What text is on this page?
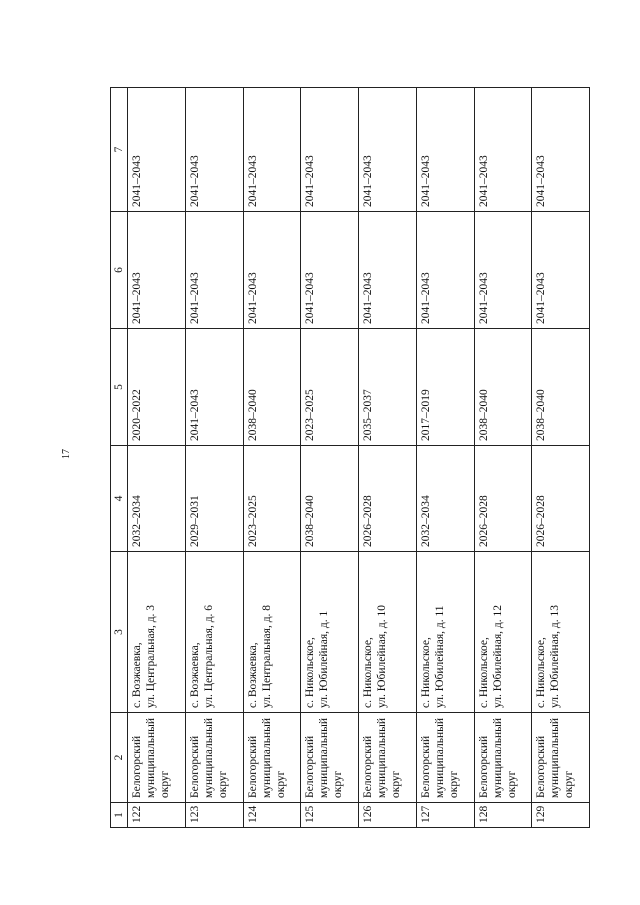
17
1	2	3	4	5	6	7
122	Белогорский муниципальный округ	с. Возжаевка, ул. Центральная, д. 3	2032–2034	2020–2022	2041–2043	2041–2043
123	Белогорский муниципальный округ	с. Возжаевка, ул. Центральная, д. 6	2029–2031	2041–2043	2041–2043	2041–2043
124	Белогорский муниципальный округ	с. Возжаевка, ул. Центральная, д. 8	2023–2025	2038–2040	2041–2043	2041–2043
125	Белогорский муниципальный округ	с. Никольское, ул. Юбилейная, д. 1	2038–2040	2023–2025	2041–2043	2041–2043
126	Белогорский муниципальный округ	с. Никольское, ул. Юбилейная, д. 10	2026–2028	2035–2037	2041–2043	2041–2043
127	Белогорский муниципальный округ	с. Никольское, ул. Юбилейная, д. 11	2032–2034	2017–2019	2041–2043	2041–2043
128	Белогорский муниципальный округ	с. Никольское, ул. Юбилейная, д. 12	2026–2028	2038–2040	2041–2043	2041–2043
129	Белогорский муниципальный округ	с. Никольское, ул. Юбилейная, д. 13	2026–2028	2038–2040	2041–2043	2041–2043
